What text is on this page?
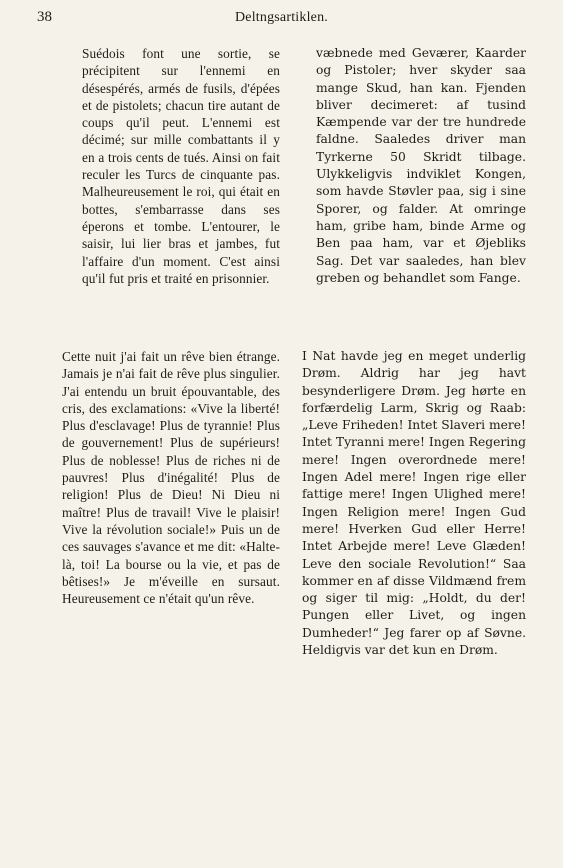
38	Deltngsartiklen.
Suédois font une sortie, se précipitent sur l'ennemi en désespérés, armés de fusils, d'épées et de pistolets; chacun tire autant de coups qu'il peut. L'ennemi est décimé; sur mille combattants il y en a trois cents de tués. Ainsi on fait reculer les Turcs de cinquante pas. Malheureusement le roi, qui était en bottes, s'embarrasse dans ses éperons et tombe. L'entourer, le saisir, lui lier bras et jambes, fut l'affaire d'un moment. C'est ainsi qu'il fut pris et traité en prisonnier.
væbnede med Geværer, Kaarder og Pistoler; hver skyder saa mange Skud, han kan. Fjenden bliver decimeret: af tusind Kæmpende var der tre hundrede faldne. Saaledes driver man Tyrkerne 50 Skridt tilbage. Ulykkeligvis indviklet Kongen, som havde Støvler paa, sig i sine Sporer, og falder. At omringe ham, gribe ham, binde Arme og Ben paa ham, var et Øjebliks Sag. Det var saaledes, han blev greben og behandlet som Fange.
Cette nuit j'ai fait un rêve bien étrange. Jamais je n'ai fait de rêve plus singulier. J'ai entendu un bruit épouvantable, des cris, des exclamations: «Vive la liberté! Plus d'esclavage! Plus de tyrannie! Plus de gouvernement! Plus de supérieurs! Plus de noblesse! Plus de riches ni de pauvres! Plus d'inégalité! Plus de religion! Plus de Dieu! Ni Dieu ni maître! Plus de travail! Vive le plaisir! Vive la révolution sociale!» Puis un de ces sauvages s'avance et me dit: «Halte-là, toi! La bourse ou la vie, et pas de bêtises!» Je m'éveille en sursaut. Heureusement ce n'était qu'un rêve.
I Nat havde jeg en meget underlig Drøm. Aldrig har jeg havt besynderligere Drøm. Jeg hørte en forfærdelig Larm, Skrig og Raab: „Leve Friheden! Intet Slaveri mere! Intet Tyranni mere! Ingen Regering mere! Ingen overordnede mere! Ingen Adel mere! Ingen rige eller fattige mere! Ingen Ulighed mere! Ingen Religion mere! Ingen Gud mere! Hverken Gud eller Herre! Intet Arbejde mere! Leve Glæden! Leve den sociale Revolution!“ Saa kommer en af disse Vildmænd frem og siger til mig: „Holdt, du der! Pungen eller Livet, og ingen Dumheder!“ Jeg farer op af Søvne. Heldigvis var det kun en Drøm.
